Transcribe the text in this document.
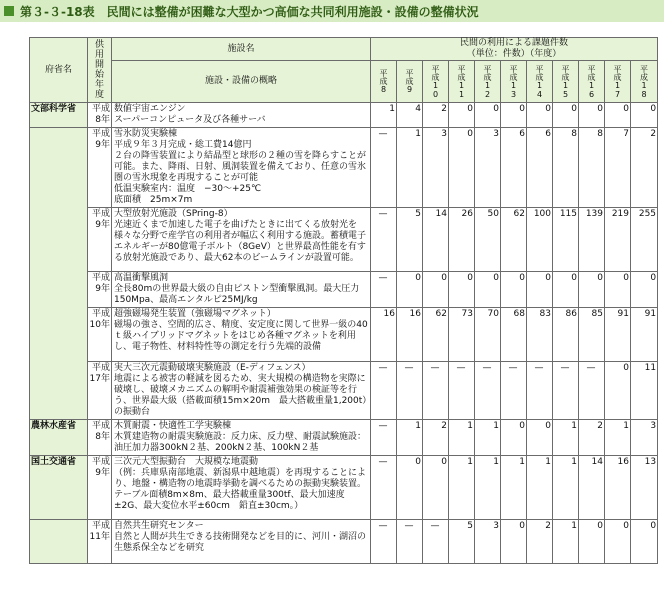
第３-３-18表　民間には整備が困難な大型かつ高価な共同利用施設・設備の整備状況
府省名	供用開始年度	施設名	民間の利用による課題件数
（単位：件数）（年度）										

		施設・設備の概略	平成8	平成9	平成10	平成11	平成12	平成13	平成14	平成15	平成16	平成17	平成18

文部科学省	平成8年	数値宇宙エンジン
スーパーコンピュータ及び各種サーバ	1	4	2	0	0	0	0	0	0	0	0
	平成9年	雪氷防災実験棟
平成９年３月完成・総工費14億円
２台の降雪装置により結晶型と球形の２種の雪を降らすことが可能。また、降雨、日射、風洞装置を備えており、任意の雪氷圏の雪氷現象を再現することが可能
低温実験室内：温度　−30〜+25℃
底面積　25m×7m	—	1	3	0	3	6	6	8	8	7	2
	平成9年	大型放射光施設（SPring-8）
光速近くまで加速した電子を曲げたときに出てくる放射光を様々な分野で産学官の利用者が幅広く利用する施設。蓄積電子エネルギーが80億電子ボルト（8GeV）と世界最高性能を有する放射光施設であり、最大62本のビームラインが設置可能。	—	5	14	26	50	62	100	115	139	219	255
	平成9年	高温衝撃風洞
全長80mの世界最大級の自由ピストン型衝撃風洞。最大圧力150Mpa、最高エンタルピ25MJ/kg	—	0	0	0	0	0	0	0	0	0	0
	平成10年	超強磁場発生装置（強磁場マグネット）
磁場の強さ、空間的広さ、精度、安定度に関して世界一級の40ｔ級ハイブリッドマグネットをはじめ各種マグネットを利用し、電子物性、材料特性等の測定を行う先端的設備	16	16	62	73	70	68	83	86	85	91	91
	平成17年	実大三次元震動破壊実験施設（E-ディフェンス）
地震による被害の軽減を図るため、実大規模の構造物を実際に破壊し、破壊メカニズムの解明や耐震補強効果の検証等を行う、世界最大級（搭載面積15m×20m　最大搭載重量1,200t）の振動台	—	—	—	—	—	—	—	—	—	0	11
農林水産省	平成8年	木質耐震・快適性工学実験棟
木質建造物の耐震実験施設：反力床、反力壁、耐震試験施設：油圧加力器300kN２基、200kN２基、100kN２基	—	1	2	1	1	0	0	1	2	1	3
国土交通省	平成9年	三次元大型振動台　大規模な地震動
（例：兵庫県南部地震、新潟県中越地震）を再現することにより、地盤・構造物の地震時挙動を調べるための振動実験装置。テーブル面積8m×8m、最大搭載重量300tf、最大加速度±2G、最大変位水平±60cm　鉛直±30cm。）	—	0	0	1	1	1	1	1	14	16	13
	平成11年	自然共生研究センター
自然と人間が共生できる技術開発などを目的に、河川・湖沼の生態系保全などを研究	—	—	—	5	3	0	2	1	0	0	0
